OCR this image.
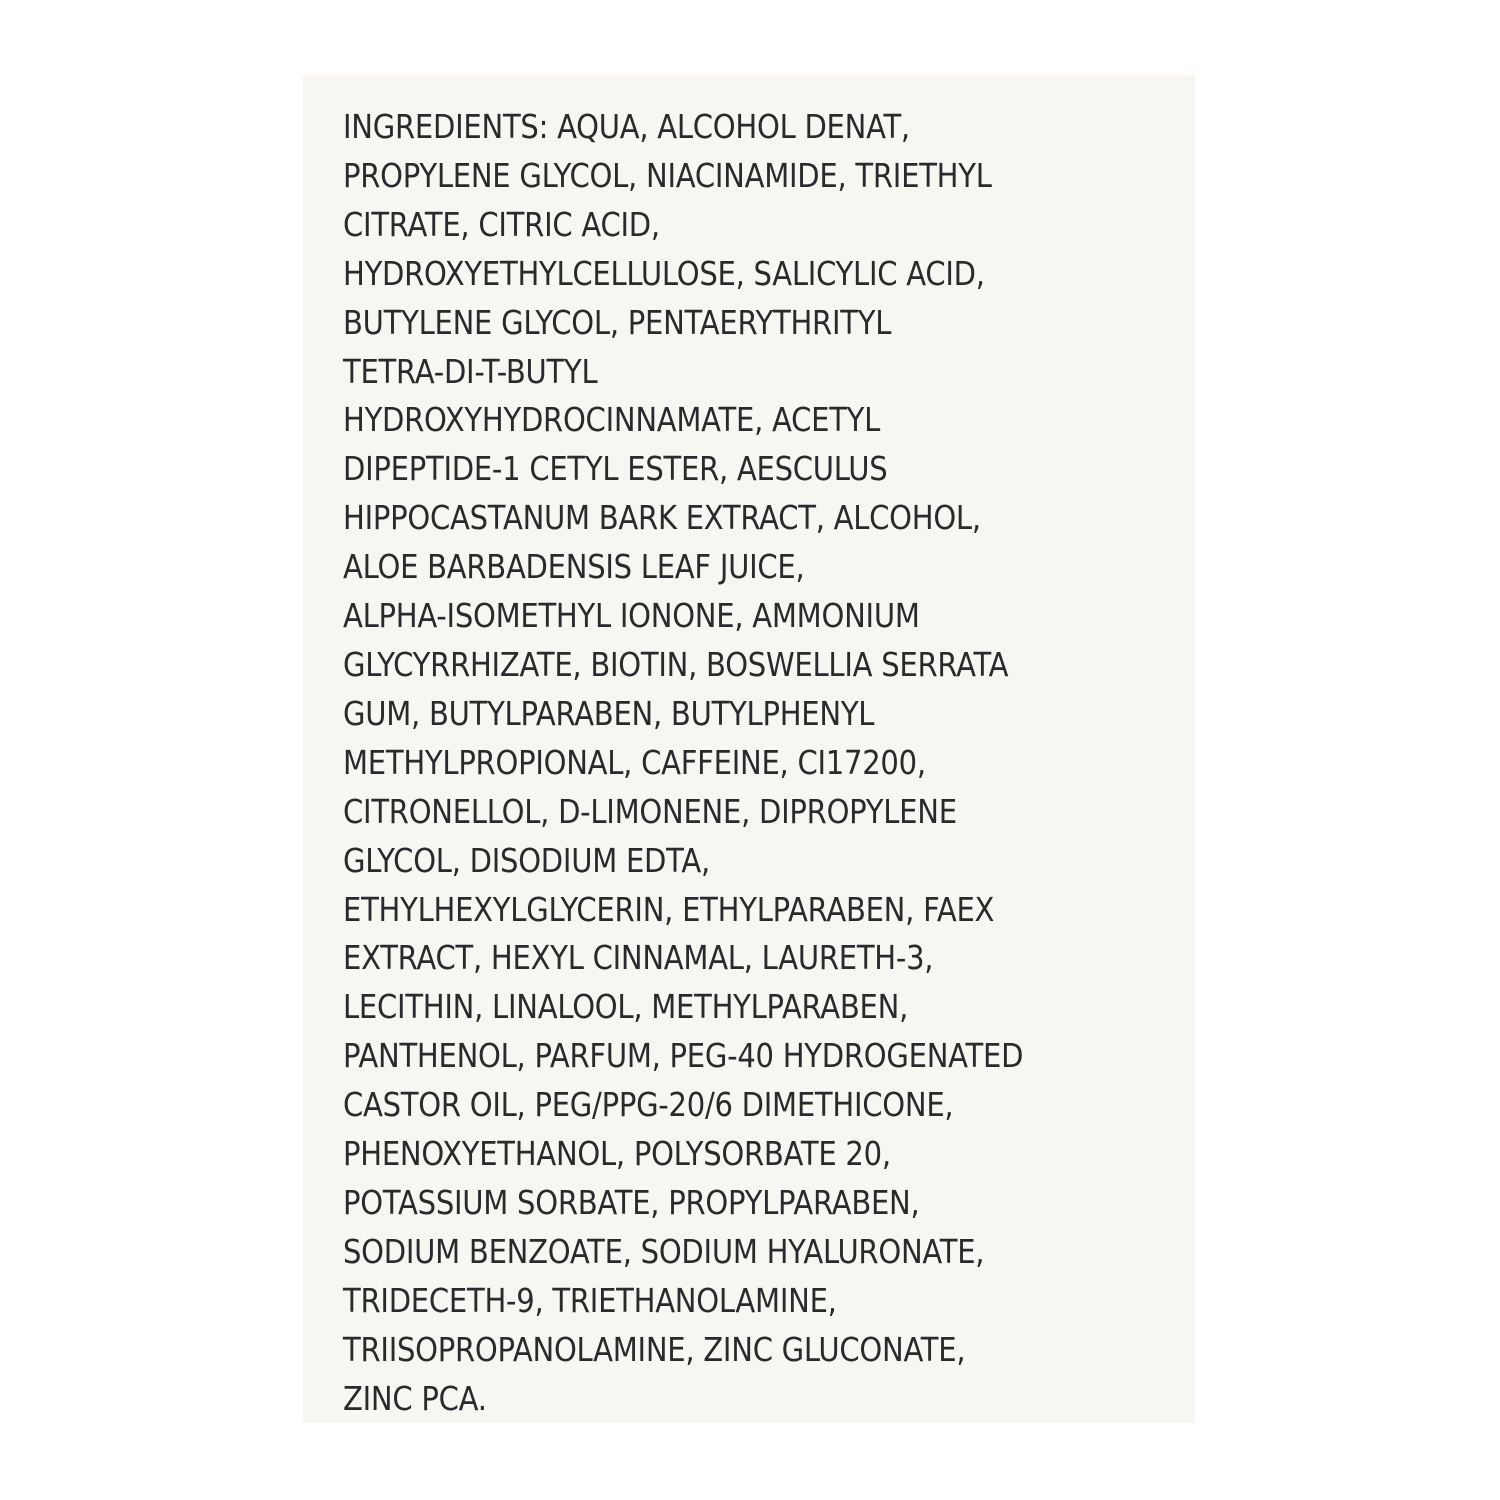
INGREDIENTS: AQUA, ALCOHOL DENAT,
PROPYLENE GLYCOL, NIACINAMIDE, TRIETHYL
CITRATE, CITRIC ACID,
HYDROXYETHYLCELLULOSE, SALICYLIC ACID,
BUTYLENE GLYCOL, PENTAERYTHRITYL
TETRA-DI-T-BUTYL
HYDROXYHYDROCINNAMATE, ACETYL
DIPEPTIDE-1 CETYL ESTER, AESCULUS
HIPPOCASTANUM BARK EXTRACT, ALCOHOL,
ALOE BARBADENSIS LEAF JUICE,
ALPHA-ISOMETHYL IONONE, AMMONIUM
GLYCYRRHIZATE, BIOTIN, BOSWELLIA SERRATA
GUM, BUTYLPARABEN, BUTYLPHENYL
METHYLPROPIONAL, CAFFEINE, CI17200,
CITRONELLOL, D-LIMONENE, DIPROPYLENE
GLYCOL, DISODIUM EDTA,
ETHYLHEXYLGLYCERIN, ETHYLPARABEN, FAEX
EXTRACT, HEXYL CINNAMAL, LAURETH-3,
LECITHIN, LINALOOL, METHYLPARABEN,
PANTHENOL, PARFUM, PEG-40 HYDROGENATED
CASTOR OIL, PEG/PPG-20/6 DIMETHICONE,
PHENOXYETHANOL, POLYSORBATE 20,
POTASSIUM SORBATE, PROPYLPARABEN,
SODIUM BENZOATE, SODIUM HYALURONATE,
TRIDECETH-9, TRIETHANOLAMINE,
TRIISOPROPANOLAMINE, ZINC GLUCONATE,
ZINC PCA.
